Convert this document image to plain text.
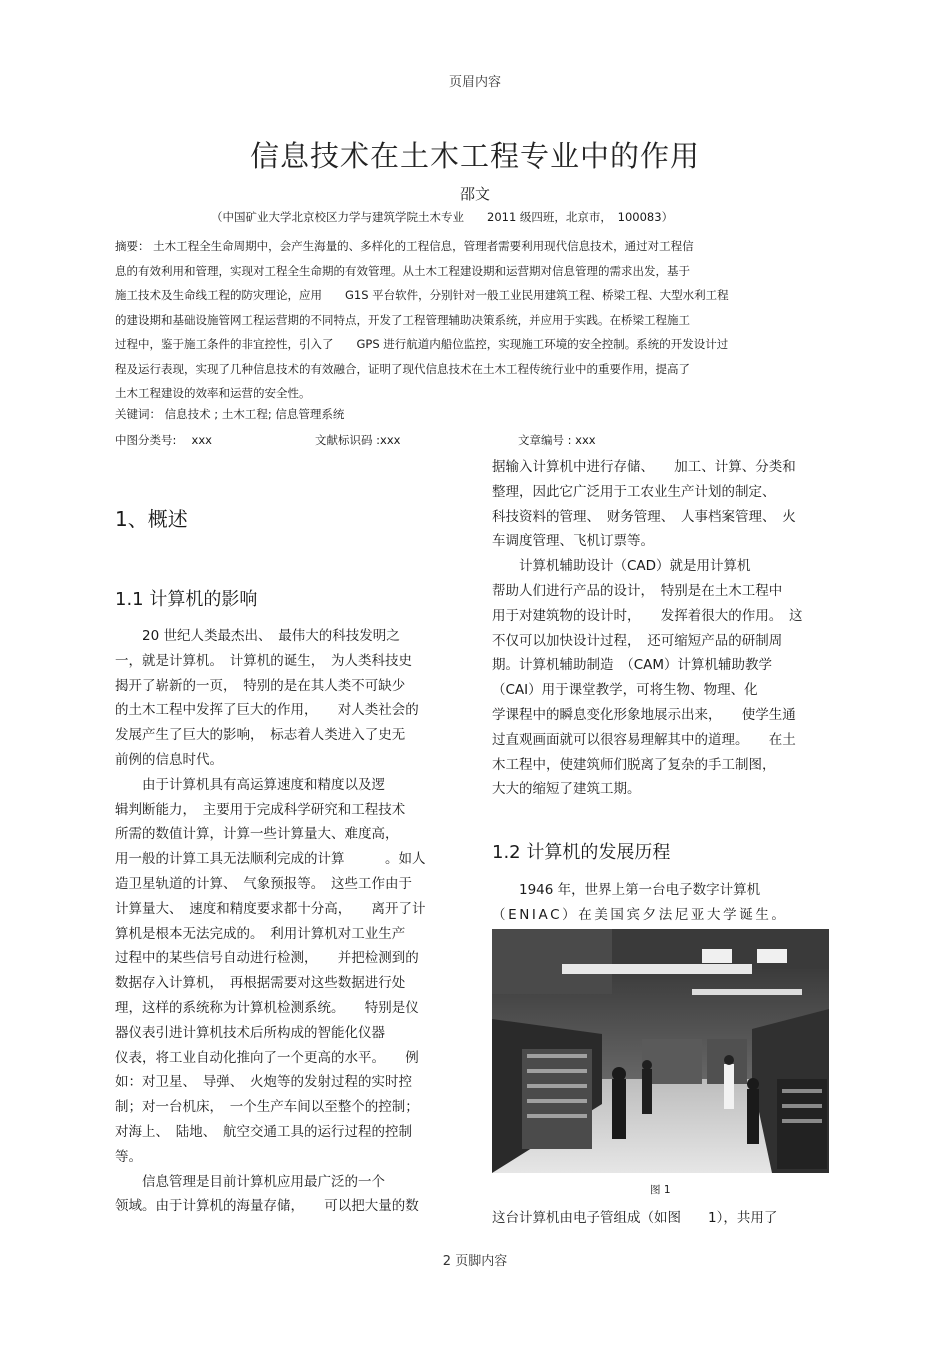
页眉内容
信息技术在土木工程专业中的作用
邵文
（中国矿业大学北京校区力学与建筑学院土木专业　　2011 级四班，北京市，　100083）
摘要： 土木工程全生命周期中，会产生海量的、多样化的工程信息，管理者需要利用现代信息技术，通过对工程信
息的有效利用和管理，实现对工程全生命期的有效管理。从土木工程建设期和运营期对信息管理的需求出发，基于
施工技术及生命线工程的防灾理论，应用　　G1S 平台软件，分别针对一般工业民用建筑工程、桥梁工程、大型水利工程
的建设期和基础设施管网工程运营期的不同特点，开发了工程管理辅助决策系统，并应用于实践。在桥梁工程施工
过程中，鉴于施工条件的非宜控性，引入了　　GPS 进行航道内船位监控，实现施工环境的安全控制。系统的开发设计过
程及运行表现，实现了几种信息技术的有效融合，证明了现代信息技术在土木工程传统行业中的重要作用，提高了
土木工程建设的效率和运营的安全性。
关键词： 信息技术 ; 土木工程; 信息管理系统
中图分类号:　 xxx	文献标识码 :xxx	文章编号 : xxx
1、概述
1.1 计算机的影响
　　20 世纪人类最杰出、　最伟大的科技发明之
一，就是计算机。　计算机的诞生，　为人类科技史
揭开了崭新的一页，　特别的是在其人类不可缺少
的土木工程中发挥了巨大的作用，　　对人类社会的
发展产生了巨大的影响，　标志着人类进入了史无
前例的信息时代。
　　由于计算机具有高运算速度和精度以及逻
辑判断能力，　主要用于完成科学研究和工程技术
所需的数值计算，计算一些计算量大、难度高，
用一般的计算工具无法顺利完成的计算　　　。如人
造卫星轨道的计算、　气象预报等。　这些工作由于
计算量大、　速度和精度要求都十分高，　　离开了计
算机是根本无法完成的。　利用计算机对工业生产
过程中的某些信号自动进行检测，　　并把检测到的
数据存入计算机，　再根据需要对这些数据进行处
理，这样的系统称为计算机检测系统。　　特别是仪
器仪表引进计算机技术后所构成的智能化仪器
仪表，将工业自动化推向了一个更高的水平。　　例
如：对卫星、　导弹、　火炮等的发射过程的实时控
制；对一台机床，　一个生产车间以至整个的控制；
对海上、　陆地、　航空交通工具的运行过程的控制
等。
　　信息管理是目前计算机应用最广泛的一个
领域。由于计算机的海量存储，　　可以把大量的数
据输入计算机中进行存储、　　加工、计算、分类和
整理，因此它广泛用于工农业生产计划的制定、
科技资料的管理、　财务管理、　人事档案管理、　火
车调度管理、飞机订票等。
　　计算机辅助设计（CAD）就是用计算机
帮助人们进行产品的设计，　特别是在土木工程中
用于对建筑物的设计时，　　发挥着很大的作用。　这
不仅可以加快设计过程，　还可缩短产品的研制周
期。计算机辅助制造　（CAM）计算机辅助教学
（CAI）用于课堂教学，可将生物、物理、化
学课程中的瞬息变化形象地展示出来，　　使学生通
过直观画面就可以很容易理解其中的道理。　　在土
木工程中，使建筑师们脱离了复杂的手工制图，
大大的缩短了建筑工期。
1.2 计算机的发展历程
　　1946 年，世界上第一台电子数字计算机
（ENIAC）在美国宾夕法尼亚大学诞生。
图 1
这台计算机由电子管组成（如图　　1），共用了
2 页脚内容
